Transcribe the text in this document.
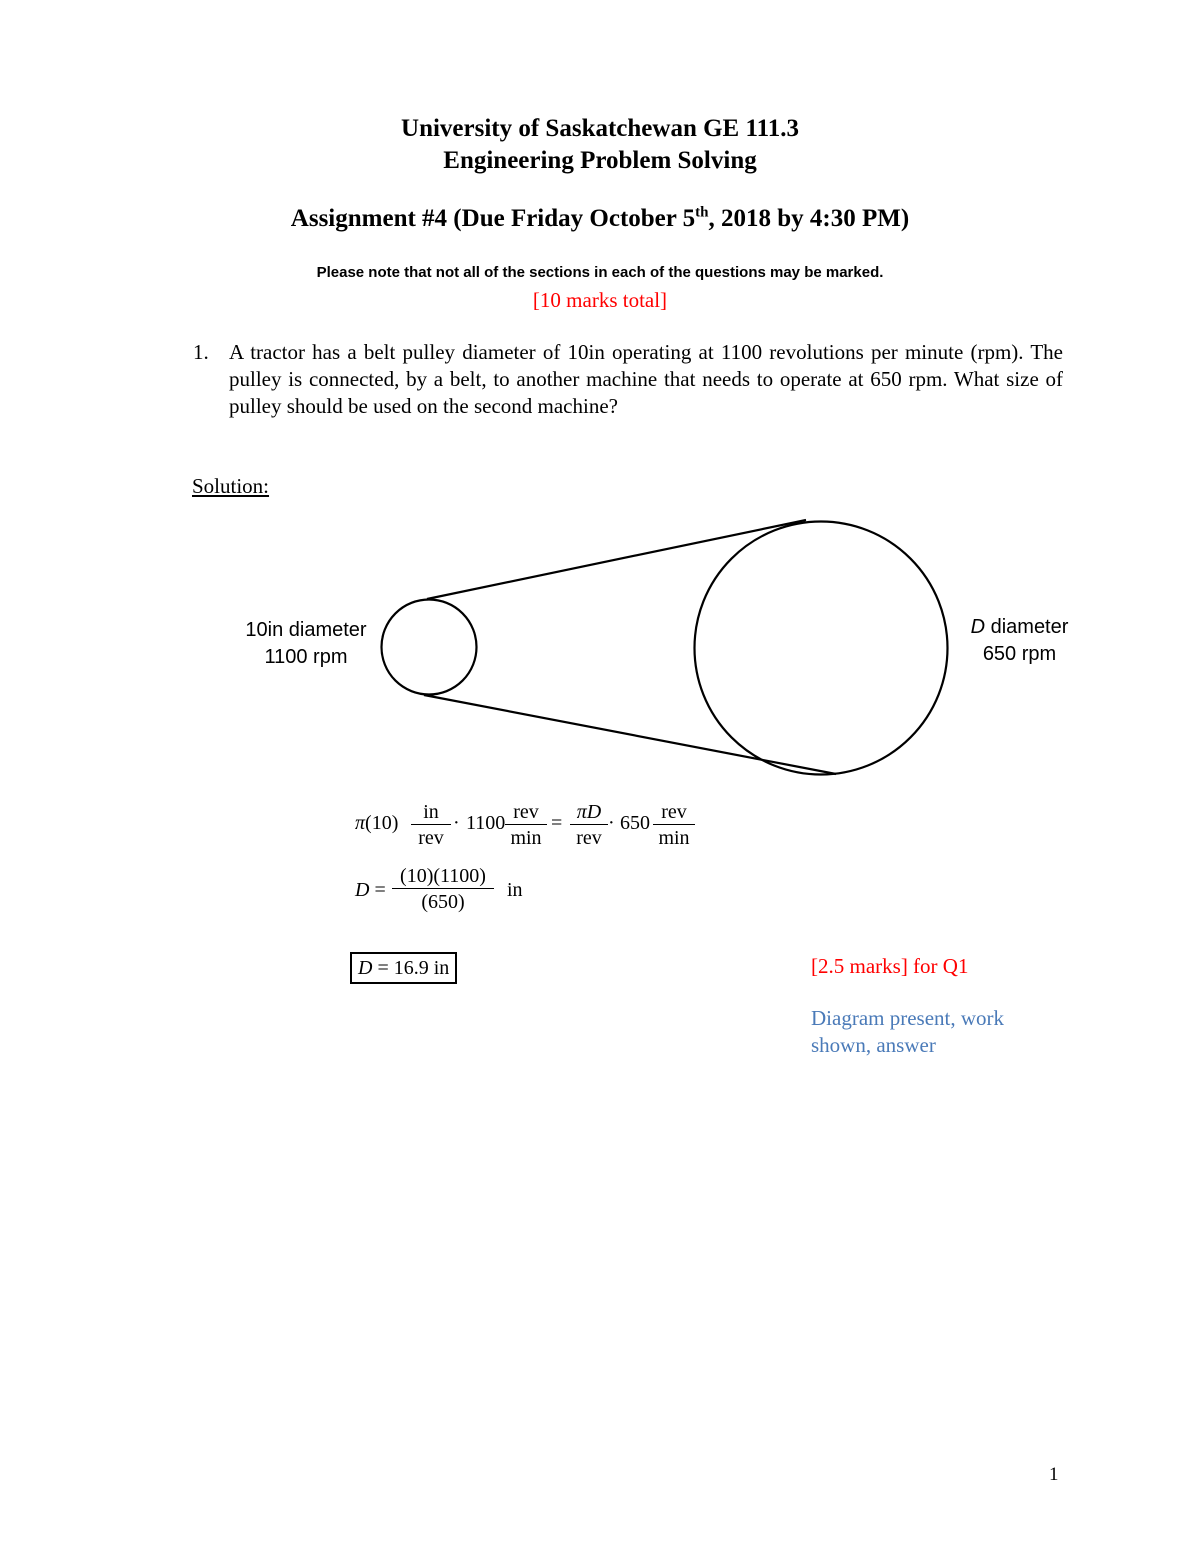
University of Saskatchewan GE 111.3
Engineering Problem Solving
Assignment #4 (Due Friday October 5th, 2018 by 4:30 PM)
Please note that not all of the sections in each of the questions may be marked.
[10 marks total]
1. A tractor has a belt pulley diameter of 10in operating at 1100 revolutions per minute (rpm). The pulley is connected, by a belt, to another machine that needs to operate at 650 rpm. What size of pulley should be used on the second machine?
Solution:
10in diameter
1100 rpm
D diameter
650 rpm
π(10)	in
rev
· 1100 rev
min
= πD
rev
· 650 rev
min
$D = \frac{(10)(1100)}{(650)}$ in
D = 16.9 in	[2.5 marks] for Q1
Diagram present, work shown, answer
1
